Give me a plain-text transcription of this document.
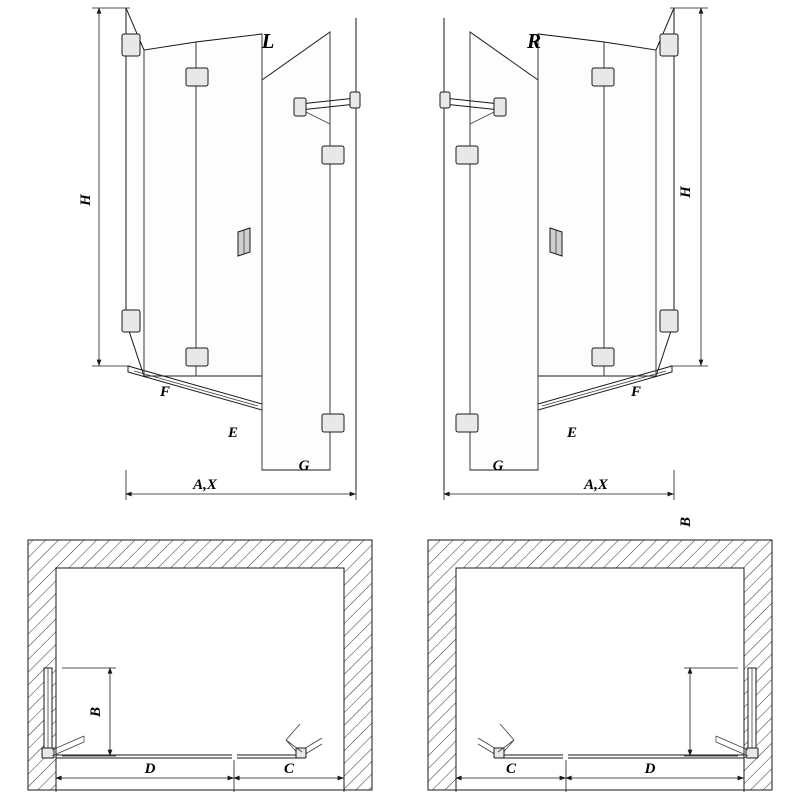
H
F
E
G
L
A,X
H
F
E
G
R
A,X
B
D	C
B
C	D
